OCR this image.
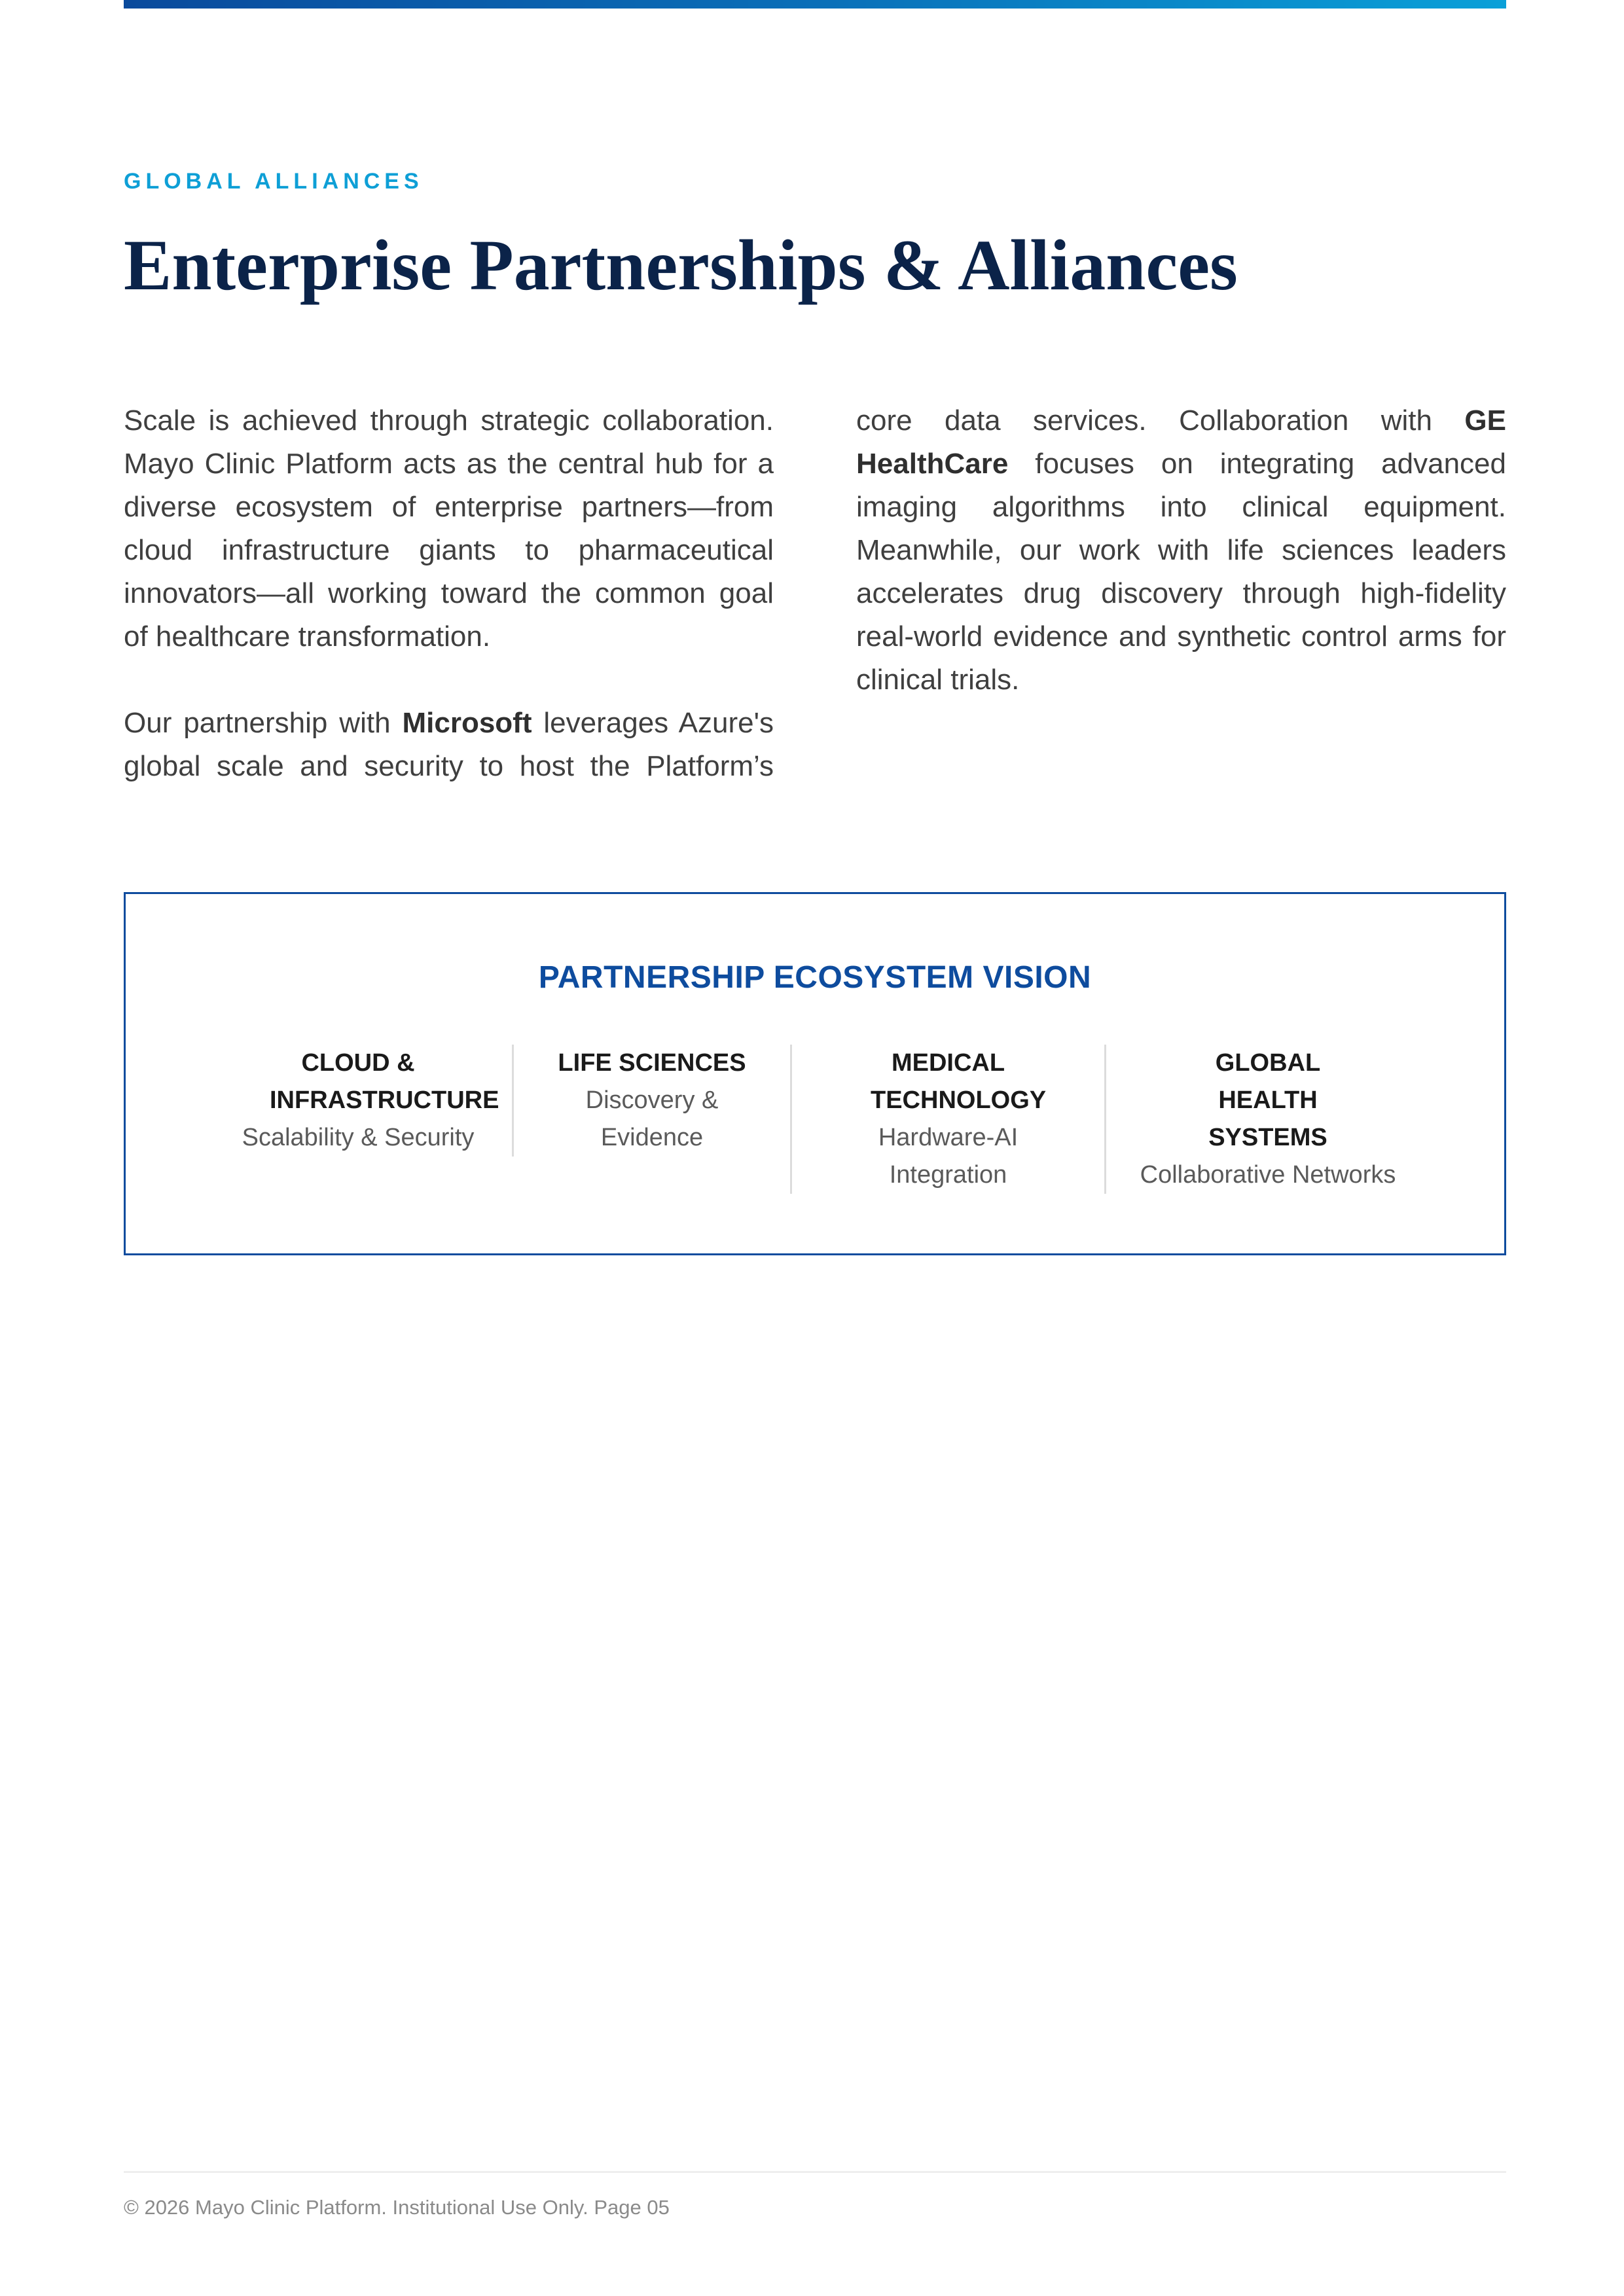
GLOBAL ALLIANCES
Enterprise Partnerships & Alliances

Scale is achieved through strategic collaboration. Mayo Clinic Platform acts as the central hub for a diverse ecosystem of enterprise partners—from cloud infrastructure giants to pharmaceutical innovators—all working toward the common goal of healthcare transformation.

Our partnership with Microsoft leverages Azure's global scale and security to host the Platform’s core data services. Collaboration with GE HealthCare focuses on integrating advanced imaging algorithms into clinical equipment. Meanwhile, our work with life sciences leaders accelerates drug discovery through high-fidelity real-world evidence and synthetic control arms for clinical trials.

PARTNERSHIP ECOSYSTEM VISION
CLOUD & INFRASTRUCTURE
Scalability & Security
LIFE SCIENCES
Discovery & Evidence
MEDICAL TECHNOLOGY
Hardware-AI Integration
GLOBAL HEALTH SYSTEMS
Collaborative Networks
© 2026 Mayo Clinic Platform. Institutional Use Only. Page 05
